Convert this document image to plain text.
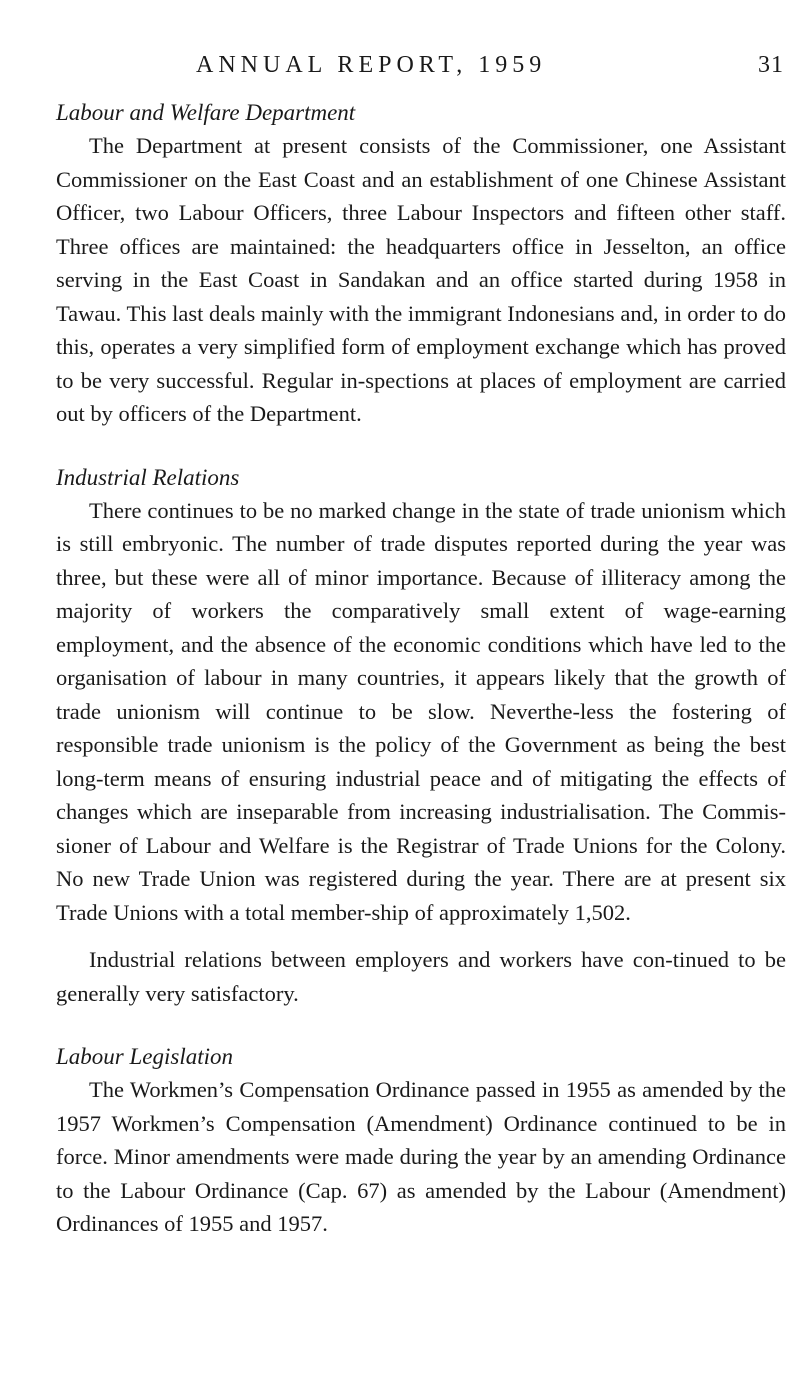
ANNUAL REPORT, 1959	31
Labour and Welfare Department

The Department at present consists of the Commissioner, one Assistant Commissioner on the East Coast and an establishment of one Chinese Assistant Officer, two Labour Officers, three Labour Inspectors and fifteen other staff. Three offices are maintained: the headquarters office in Jesselton, an office serving in the East Coast in Sandakan and an office started during 1958 in Tawau. This last deals mainly with the immigrant Indonesians and, in order to do this, operates a very simplified form of employment exchange which has proved to be very successful. Regular in-spections at places of employment are carried out by officers of the Department.

Industrial Relations

There continues to be no marked change in the state of trade unionism which is still embryonic. The number of trade disputes reported during the year was three, but these were all of minor importance. Because of illiteracy among the majority of workers the comparatively small extent of wage-earning employment, and the absence of the economic conditions which have led to the organisation of labour in many countries, it appears likely that the growth of trade unionism will continue to be slow. Neverthe-less the fostering of responsible trade unionism is the policy of the Government as being the best long-term means of ensuring industrial peace and of mitigating the effects of changes which are inseparable from increasing industrialisation. The Commis-sioner of Labour and Welfare is the Registrar of Trade Unions for the Colony. No new Trade Union was registered during the year. There are at present six Trade Unions with a total member-ship of approximately 1,502.

Industrial relations between employers and workers have con-tinued to be generally very satisfactory.

Labour Legislation

The Workmen’s Compensation Ordinance passed in 1955 as amended by the 1957 Workmen’s Compensation (Amendment) Ordinance continued to be in force. Minor amendments were made during the year by an amending Ordinance to the Labour Ordinance (Cap. 67) as amended by the Labour (Amendment) Ordinances of 1955 and 1957.
